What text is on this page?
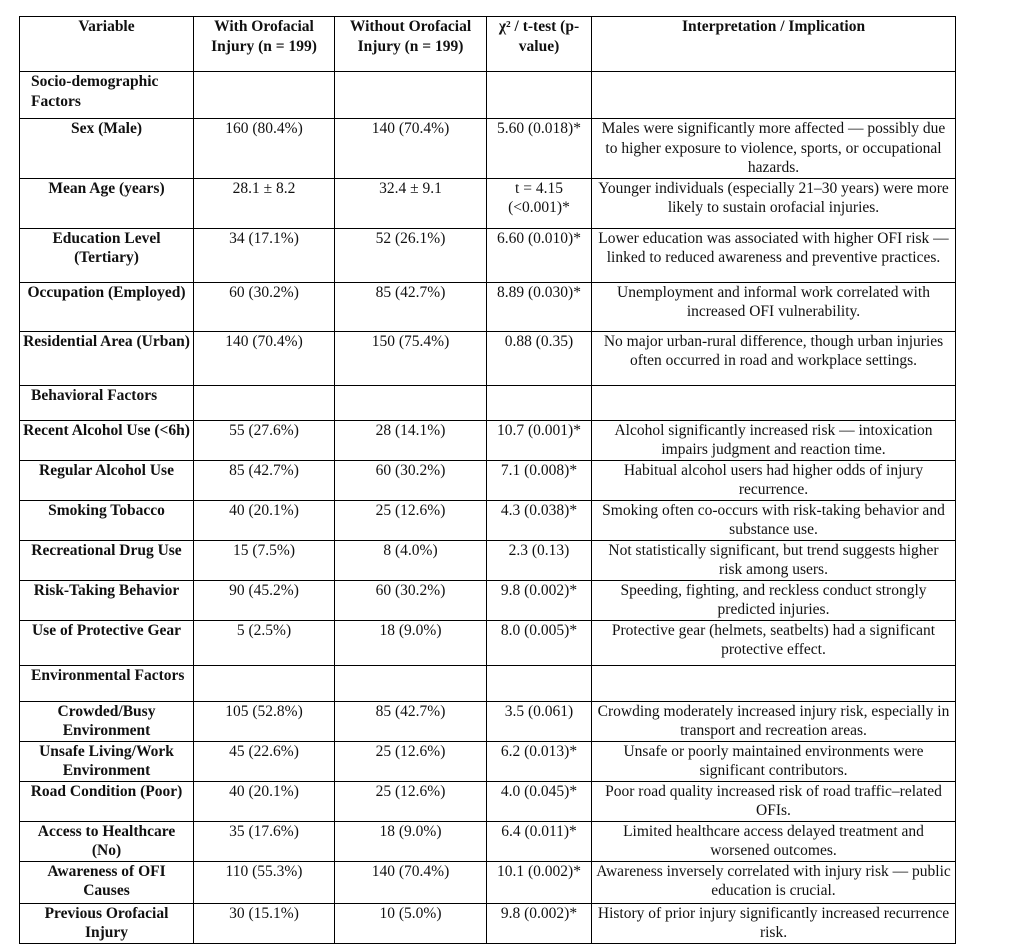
Variable	With Orofacial Injury (n = 199)	Without Orofacial Injury (n = 199)	χ² / t-test (p-value)	Interpretation / Implication
Socio-demographic Factors				
Sex (Male)	160 (80.4%)	140 (70.4%)	5.60 (0.018)*	Males were significantly more affected — possibly due to higher exposure to violence, sports, or occupational hazards.
Mean Age (years)	28.1 ± 8.2	32.4 ± 9.1	t = 4.15 (<0.001)*	Younger individuals (especially 21–30 years) were more likely to sustain orofacial injuries.
Education Level (Tertiary)	34 (17.1%)	52 (26.1%)	6.60 (0.010)*	Lower education was associated with higher OFI risk — linked to reduced awareness and preventive practices.
Occupation (Employed)	60 (30.2%)	85 (42.7%)	8.89 (0.030)*	Unemployment and informal work correlated with increased OFI vulnerability.
Residential Area (Urban)	140 (70.4%)	150 (75.4%)	0.88 (0.35)	No major urban-rural difference, though urban injuries often occurred in road and workplace settings.
Behavioral Factors				
Recent Alcohol Use (<6h)	55 (27.6%)	28 (14.1%)	10.7 (0.001)*	Alcohol significantly increased risk — intoxication impairs judgment and reaction time.
Regular Alcohol Use	85 (42.7%)	60 (30.2%)	7.1 (0.008)*	Habitual alcohol users had higher odds of injury recurrence.
Smoking Tobacco	40 (20.1%)	25 (12.6%)	4.3 (0.038)*	Smoking often co-occurs with risk-taking behavior and substance use.
Recreational Drug Use	15 (7.5%)	8 (4.0%)	2.3 (0.13)	Not statistically significant, but trend suggests higher risk among users.
Risk-Taking Behavior	90 (45.2%)	60 (30.2%)	9.8 (0.002)*	Speeding, fighting, and reckless conduct strongly predicted injuries.
Use of Protective Gear	5 (2.5%)	18 (9.0%)	8.0 (0.005)*	Protective gear (helmets, seatbelts) had a significant protective effect.
Environmental Factors				
Crowded/Busy Environment	105 (52.8%)	85 (42.7%)	3.5 (0.061)	Crowding moderately increased injury risk, especially in transport and recreation areas.
Unsafe Living/Work Environment	45 (22.6%)	25 (12.6%)	6.2 (0.013)*	Unsafe or poorly maintained environments were significant contributors.
Road Condition (Poor)	40 (20.1%)	25 (12.6%)	4.0 (0.045)*	Poor road quality increased risk of road traffic–related OFIs.
Access to Healthcare (No)	35 (17.6%)	18 (9.0%)	6.4 (0.011)*	Limited healthcare access delayed treatment and worsened outcomes.
Awareness of OFI Causes	110 (55.3%)	140 (70.4%)	10.1 (0.002)*	Awareness inversely correlated with injury risk — public education is crucial.
Previous Orofacial Injury	30 (15.1%)	10 (5.0%)	9.8 (0.002)*	History of prior injury significantly increased recurrence risk.
